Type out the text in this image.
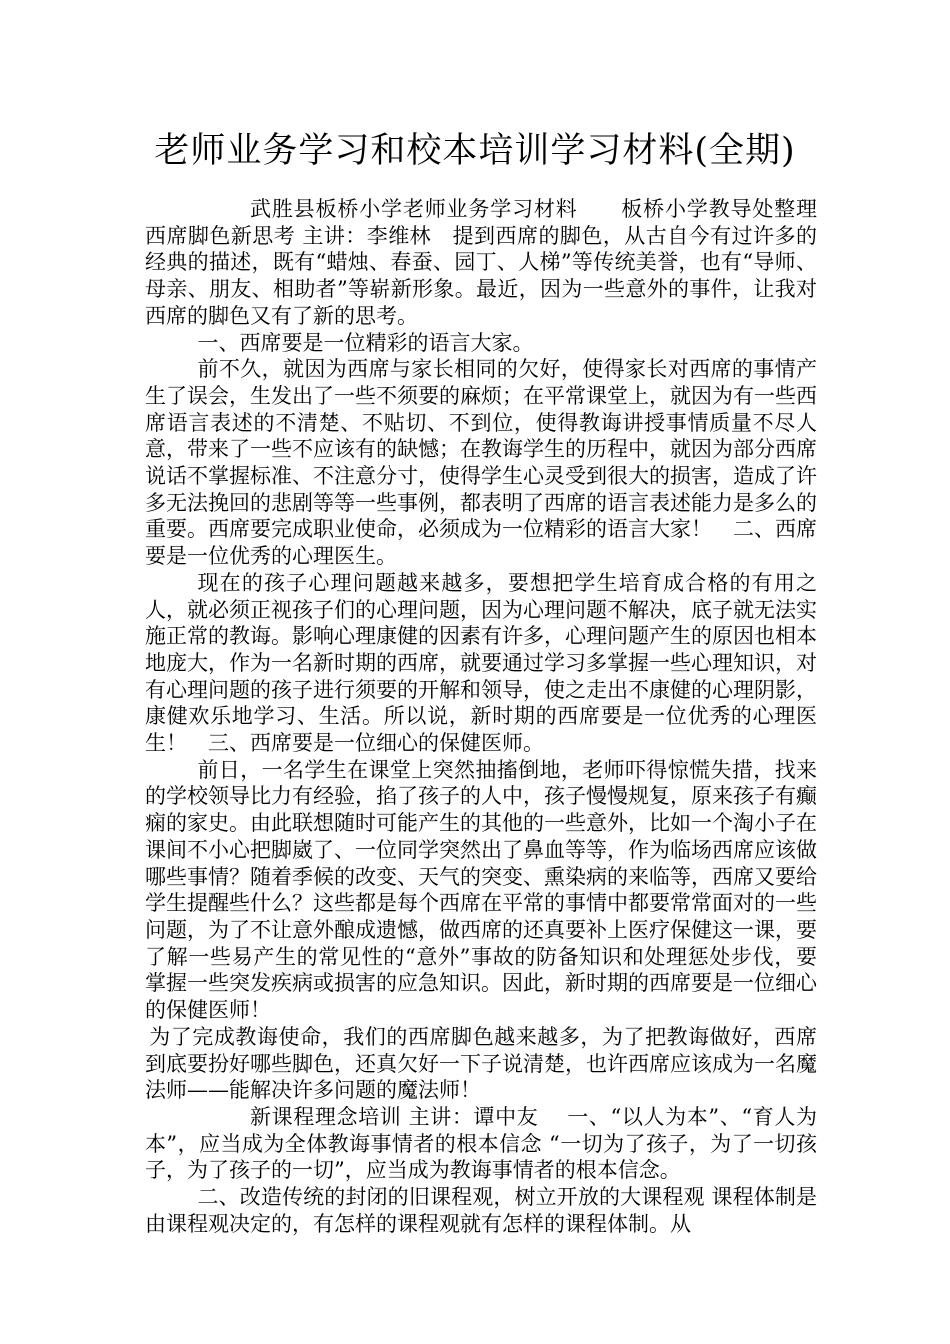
老师业务学习和校本培训学习材料(全期)

武胜县板桥小学老师业务学习材料　　板桥小学教导处整理　西席脚色新思考 主讲：李维林　提到西席的脚色，从古自今有过许多的经典的描述，既有“蜡烛、春蚕、园丁、人梯”等传统美誉，也有“导师、母亲、朋友、相助者”等崭新形象。最近，因为一些意外的事件，让我对西席的脚色又有了新的思考。

一、西席要是一位精彩的语言大家。

前不久，就因为西席与家长相同的欠好，使得家长对西席的事情产生了误会，生发出了一些不须要的麻烦；在平常课堂上，就因为有一些西席语言表述的不清楚、不贴切、不到位，使得教诲讲授事情质量不尽人意，带来了一些不应该有的缺憾；在教诲学生的历程中，就因为部分西席说话不掌握标准、不注意分寸，使得学生心灵受到很大的损害，造成了许多无法挽回的悲剧等等一些事例，都表明了西席的语言表述能力是多么的重要。西席要完成职业使命，必须成为一位精彩的语言大家！　二、西席要是一位优秀的心理医生。

现在的孩子心理问题越来越多，要想把学生培育成合格的有用之人，就必须正视孩子们的心理问题，因为心理问题不解决，底子就无法实施正常的教诲。影响心理康健的因素有许多，心理问题产生的原因也相本地庞大，作为一名新时期的西席，就要通过学习多掌握一些心理知识，对有心理问题的孩子进行须要的开解和领导，使之走出不康健的心理阴影，康健欢乐地学习、生活。所以说，新时期的西席要是一位优秀的心理医生！　三、西席要是一位细心的保健医师。

前日，一名学生在课堂上突然抽搐倒地，老师吓得惊慌失措，找来的学校领导比力有经验，掐了孩子的人中，孩子慢慢规复，原来孩子有癫痫的家史。由此联想随时可能产生的其他的一些意外，比如一个淘小子在课间不小心把脚崴了、一位同学突然出了鼻血等等，作为临场西席应该做哪些事情？随着季候的改变、天气的突变、熏染病的来临等，西席又要给学生提醒些什么？这些都是每个西席在平常的事情中都要常常面对的一些问题，为了不让意外酿成遗憾，做西席的还真要补上医疗保健这一课，要了解一些易产生的常见性的“意外”事故的防备知识和处理惩处步伐，要掌握一些突发疾病或损害的应急知识。因此，新时期的西席要是一位细心的保健医师！

为了完成教诲使命，我们的西席脚色越来越多，为了把教诲做好，西席到底要扮好哪些脚色，还真欠好一下子说清楚，也许西席应该成为一名魔法师——能解决许多问题的魔法师！

新课程理念培训 主讲：谭中友　 一、“以人为本”、“育人为本”，应当成为全体教诲事情者的根本信念 “一切为了孩子，为了一切孩子，为了孩子的一切”，应当成为教诲事情者的根本信念。

二、改造传统的封闭的旧课程观，树立开放的大课程观 课程体制是由课程观决定的，有怎样的课程观就有怎样的课程体制。从
